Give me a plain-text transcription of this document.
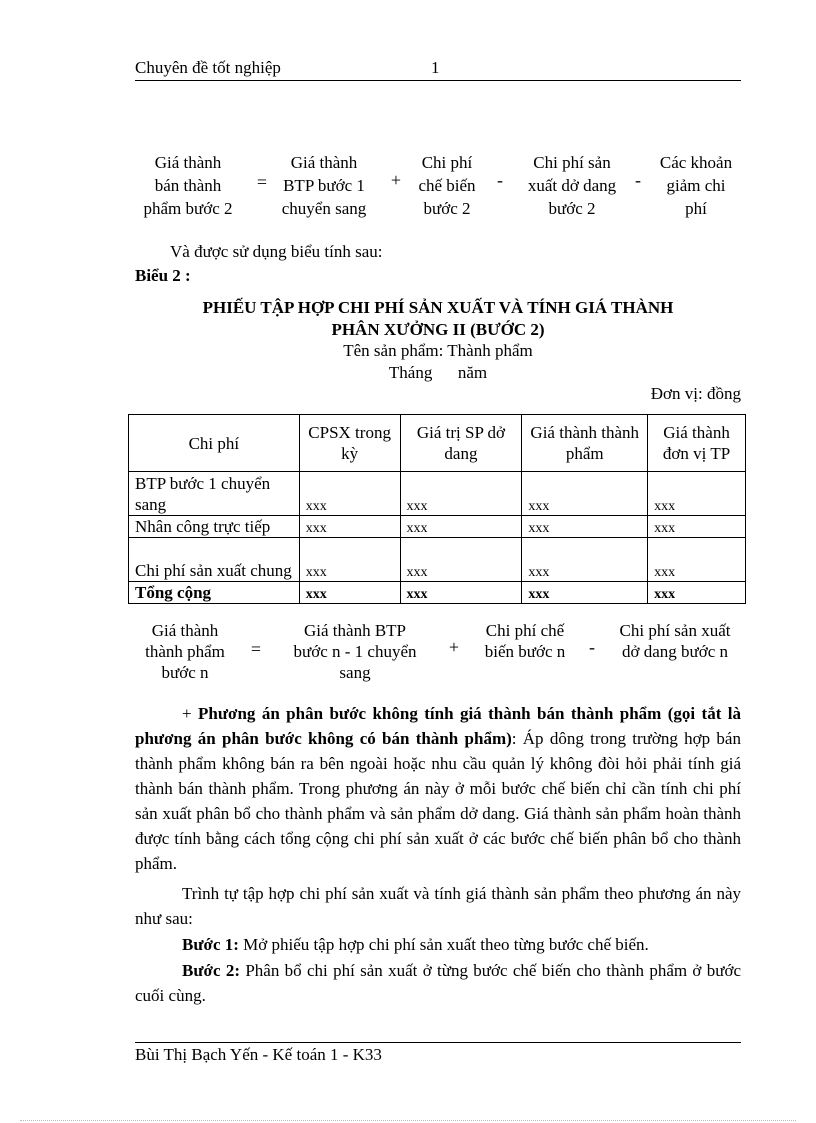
Chuyên đề tốt nghiệp	1
Giá thành
bán thành
phẩm bước 2
=
Giá thành
BTP bước 1
chuyển sang
+
Chi phí
chế biến
bước 2
-
Chi phí sản
xuất dở dang
bước 2
-
Các khoản
giảm chi
phí
Và được sử dụng biểu tính sau:
Biểu 2 :
PHIẾU TẬP HỢP CHI PHÍ SẢN XUẤT VÀ TÍNH GIÁ THÀNH
PHÂN XƯỞNG II (BƯỚC 2)
Tên sản phẩm: Thành phẩm
Tháng      năm
Đơn vị: đồng
Chi phí	CPSX trong kỳ	Giá trị SP dở dang	Giá thành thành phẩm	Giá thành đơn vị TP
BTP bước 1 chuyển sang	xxx	xxx	xxx	xxx
Nhân công trực tiếp	xxx	xxx	xxx	xxx
Chi phí sản xuất chung	xxx	xxx	xxx	xxx
Tổng cộng	xxx	xxx	xxx	xxx
Giá thành
thành phẩm
bước n
=
Giá thành BTP
bước n - 1 chuyển
sang
+
Chi phí chế
biến bước n	-
Chi phí sản xuất
dở dang bước n
+ Phương án phân bước không tính giá thành bán thành phẩm (gọi tắt là phương án phân bước không có bán thành phẩm): Áp dông trong trường hợp bán thành phẩm không bán ra bên ngoài hoặc nhu cầu quản lý không đòi hỏi phải tính giá thành bán thành phẩm. Trong phương án này ở mỗi bước chế biến chỉ cần tính chi phí sản xuất phân bổ cho thành phẩm và sản phẩm dở dang. Giá thành sản phẩm hoàn thành được tính bằng cách tổng cộng chi phí sản xuất ở các bước chế biến phân bổ cho thành phẩm.
Trình tự tập hợp chi phí sản xuất và tính giá thành sản phẩm theo phương án này như sau:
Bước 1: Mở phiếu tập hợp chi phí sản xuất theo từng bước chế biến.
Bước 2: Phân bổ chi phí sản xuất ở từng bước chế biến cho thành phẩm ở bước cuối cùng.
Bùi Thị Bạch Yến - Kế toán 1 - K33
